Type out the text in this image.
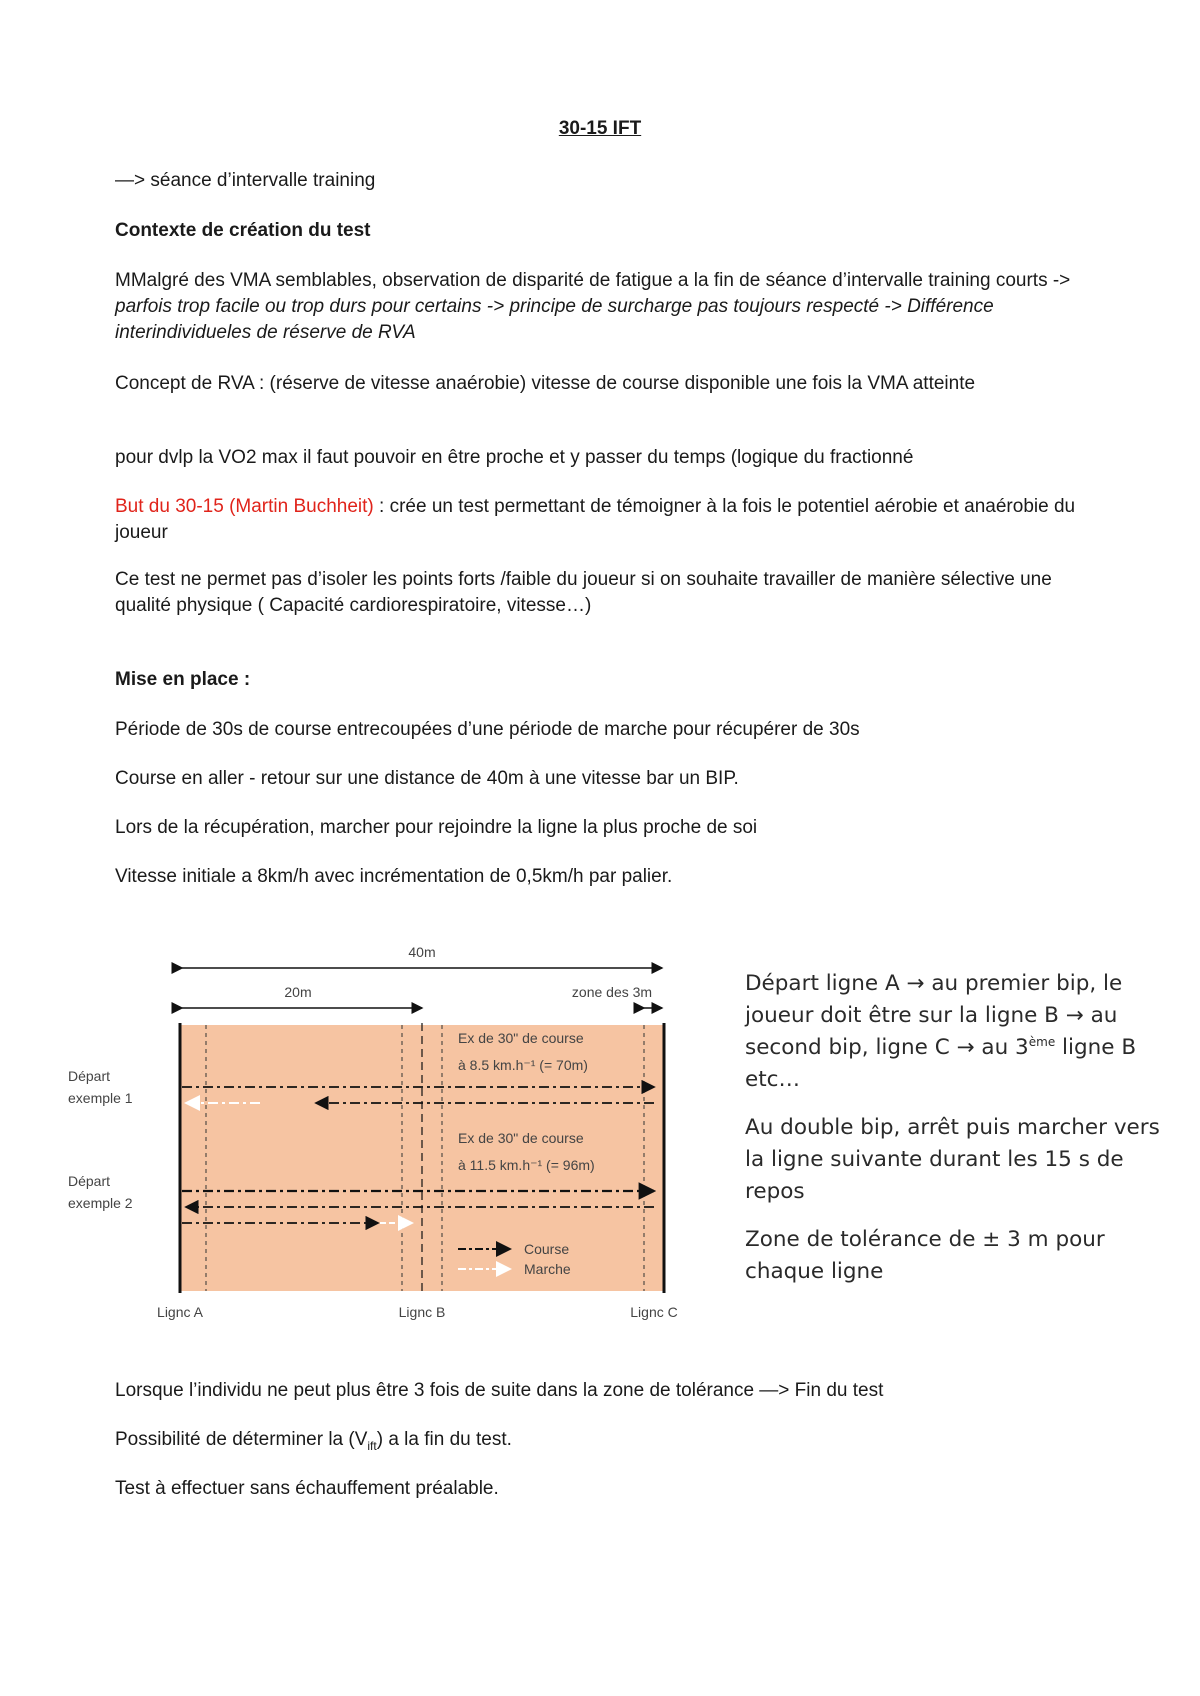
30-15 IFT

—> séance d’intervalle training

Contexte de création du test

MMalgré des VMA semblables, observation de disparité de fatigue a la fin de séance d’intervalle training courts -> parfois trop facile ou trop durs pour certains -> principe de surcharge pas toujours respecté -> Différence interindividueles de réserve de RVA

Concept de RVA : (réserve de vitesse anaérobie) vitesse de course disponible une fois la VMA atteinte

pour dvlp la VO2 max il faut pouvoir en être proche et y passer du temps (logique du fractionné

But du 30-15 (Martin Buchheit) : crée un test permettant de témoigner à la fois le potentiel aérobie et anaérobie du joueur

Ce test ne permet pas d’isoler les points forts /faible du joueur si on souhaite travailler de manière sélective une qualité physique ( Capacité cardiorespiratoire, vitesse…)

Mise en place :

Période de 30s de course entrecoupées d’une période de marche pour récupérer de 30s

Course en aller - retour sur une distance de 40m à une vitesse bar un BIP.

Lors de la récupération, marcher pour rejoindre la ligne la plus proche de soi

Vitesse initiale a 8km/h avec incrémentation de 0,5km/h par palier.

40m
20m	zone des 3m
Ex de 30" de course
à 8.5 km.h⁻¹ (= 70m)
Ex de 30" de course
à 11.5 km.h⁻¹ (= 96m)
Départ
exemple 1
Départ
exemple 2
Course
Marche
Lignc A	Lignc B	Lignc C

Départ ligne A → au premier bip, le joueur doit être sur la ligne B → au second bip, ligne C → au 3ème ligne B etc…

Au double bip, arrêt puis marcher vers la ligne suivante durant les 15 s de repos

Zone de tolérance de ± 3 m pour chaque ligne

Lorsque l’individu ne peut plus être 3 fois de suite dans la zone de tolérance —> Fin du test

Possibilité de déterminer la $(V_{ift})$ a la fin du test.

Test à effectuer sans échauffement préalable.
